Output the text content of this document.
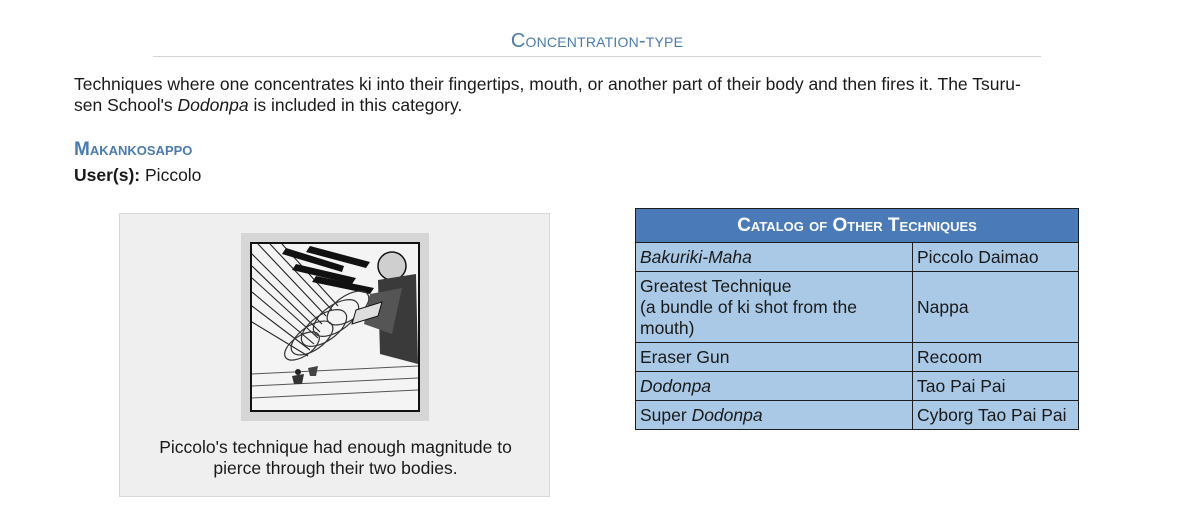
Concentration-type
Techniques where one concentrates ki into their fingertips, mouth, or another part of their body and then fires it. The Tsuru-
sen School's Dodonpa is included in this category.
Makankosappo
User(s): Piccolo
Piccolo's technique had enough magnitude to
pierce through their two bodies.
Catalog of Other Techniques	
Bakuriki-Maha	Piccolo Daimao
Greatest Technique
(a bundle of ki shot from the
mouth)	Nappa
Eraser Gun	Recoom
Dodonpa	Tao Pai Pai
Super Dodonpa	Cyborg Tao Pai Pai
